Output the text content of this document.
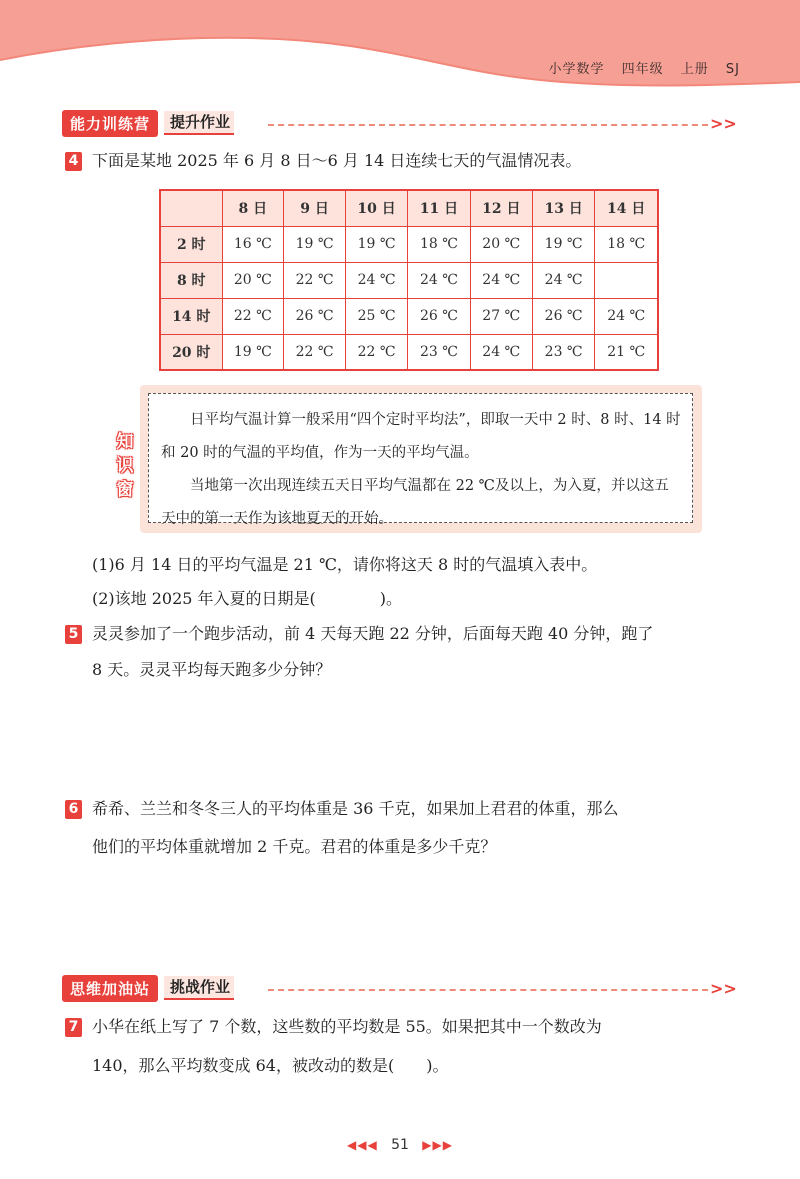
小学数学 四年级 上册 SJ
能力训练营	提升作业	>>
4 下面是某地 2025 年 6 月 8 日～6 月 14 日连续七天的气温情况表。
	8 日	9 日	10 日	11 日	12 日	13 日	14 日
2 时	16 ℃	19 ℃	19 ℃	18 ℃	20 ℃	19 ℃	18 ℃
8 时	20 ℃	22 ℃	24 ℃	24 ℃	24 ℃	24 ℃	
14 时	22 ℃	26 ℃	25 ℃	26 ℃	27 ℃	26 ℃	24 ℃
20 时	19 ℃	22 ℃	22 ℃	23 ℃	24 ℃	23 ℃	21 ℃

日平均气温计算一般采用“四个定时平均法”，即取一天中 2 时、8 时、14 时和 20 时的气温的平均值，作为一天的平均气温。

当地第一次出现连续五天日平均气温都在 22 ℃及以上，为入夏，并以这五天中的第一天作为该地夏天的开始。

知
识
窗
(1)6 月 14 日的平均气温是 21 ℃，请你将这天 8 时的气温填入表中。
(2)该地 2025 年入夏的日期是(　　　　)。
5 灵灵参加了一个跑步活动，前 4 天每天跑 22 分钟，后面每天跑 40 分钟，跑了
8 天。灵灵平均每天跑多少分钟？
6 希希、兰兰和冬冬三人的平均体重是 36 千克，如果加上君君的体重，那么
他们的平均体重就增加 2 千克。君君的体重是多少千克？
思维加油站	挑战作业	>>
7 小华在纸上写了 7 个数，这些数的平均数是 55。如果把其中一个数改为
140，那么平均数变成 64，被改动的数是(　　)。
◀◀◀ 51 ▶▶▶
